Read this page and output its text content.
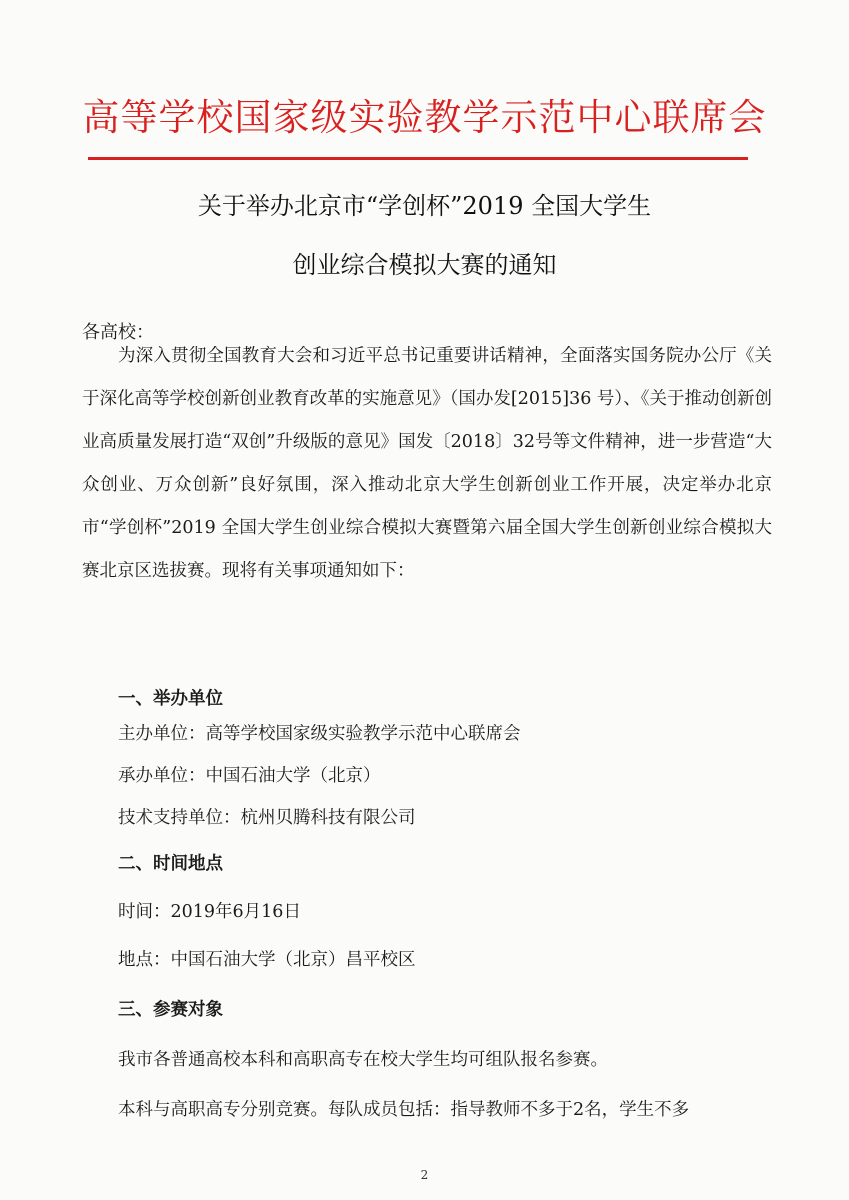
高等学校国家级实验教学示范中心联席会
关于举办北京市“学创杯”2019 全国大学生
创业综合模拟大赛的通知
各高校：
为深入贯彻全国教育大会和习近平总书记重要讲话精神，全面落实国务院办公厅《关于深化高等学校创新创业教育改革的实施意见》（国办发[2015]36 号）、《关于推动创新创业高质量发展打造“双创”升级版的意见》国发〔2018〕32号等文件精神，进一步营造“大众创业、万众创新”良好氛围，深入推动北京大学生创新创业工作开展，决定举办北京市“学创杯”2019 全国大学生创业综合模拟大赛暨第六届全国大学生创新创业综合模拟大赛北京区选拔赛。现将有关事项通知如下：
一、举办单位
主办单位：高等学校国家级实验教学示范中心联席会
承办单位：中国石油大学（北京）
技术支持单位：杭州贝腾科技有限公司
二、时间地点
时间：2019年6月16日
地点：中国石油大学（北京）昌平校区
三、参赛对象
我市各普通高校本科和高职高专在校大学生均可组队报名参赛。
本科与高职高专分别竞赛。每队成员包括：指导教师不多于2名，学生不多
2
